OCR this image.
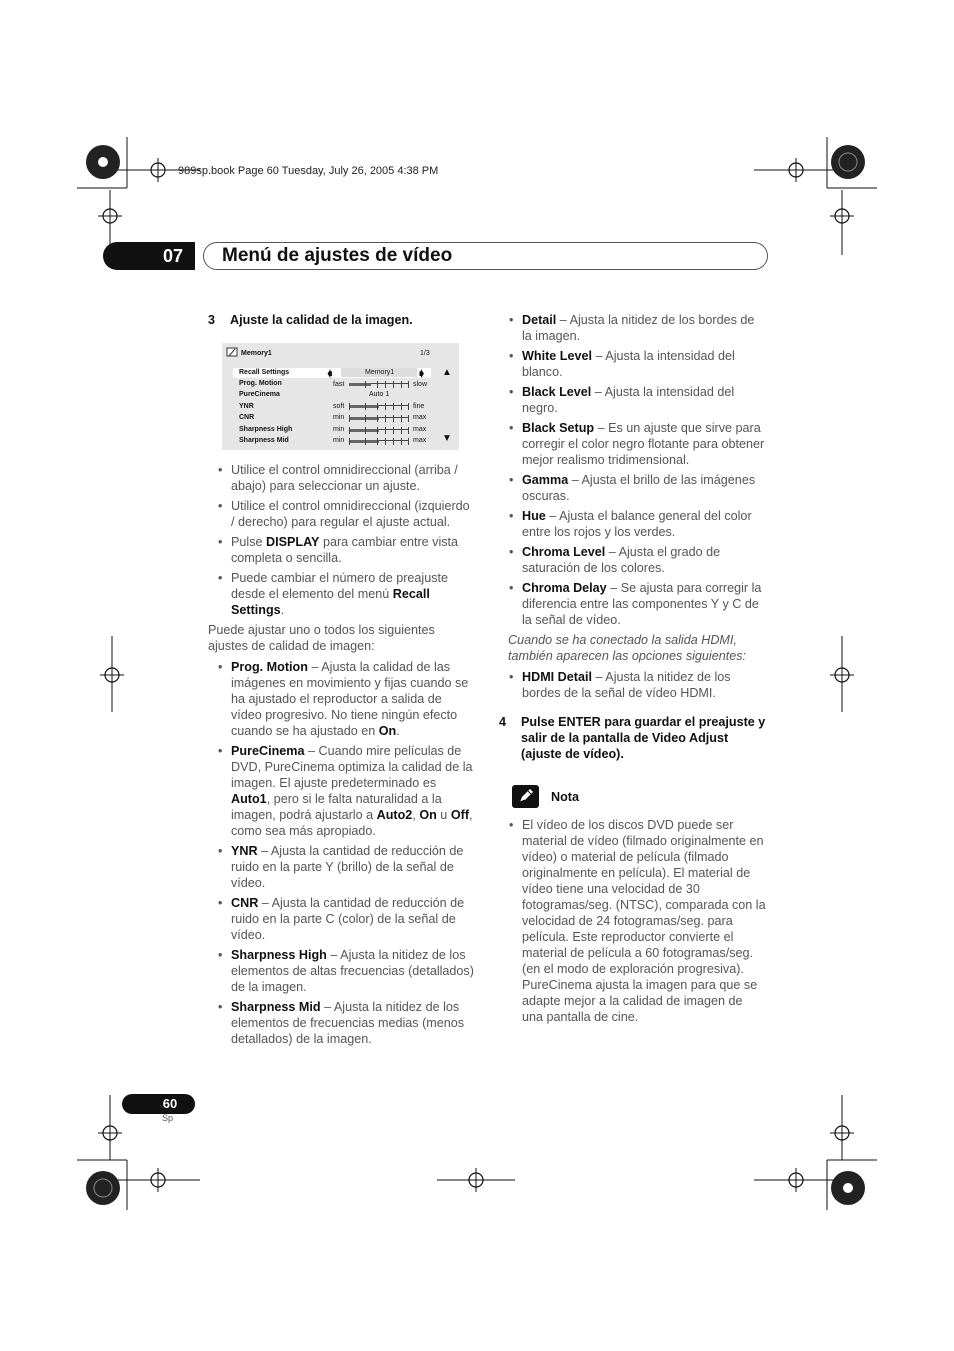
989sp.book Page 60 Tuesday, July 26, 2005 4:38 PM
07	Menú de ajustes de vídeo
3 Ajuste la calidad de la imagen.
Memory1	1/3
Recall Settings	🡀	Memory1 🡂 ▲
Prog. Motion	fast	slow
PureCinema	Auto 1
YNR	soft	fine
CNR	min	max
Sharpness High	min	max
Sharpness Mid	min	max ▼
• Utilice el control omnidireccional (arriba / abajo) para seleccionar un ajuste.
• Utilice el control omnidireccional (izquierdo / derecho) para regular el ajuste actual.
• Pulse DISPLAY para cambiar entre vista completa o sencilla.
• Puede cambiar el número de preajuste desde el elemento del menú Recall Settings.

Puede ajustar uno o todos los siguientes ajustes de calidad de imagen:

• Prog. Motion – Ajusta la calidad de las imágenes en movimiento y fijas cuando se ha ajustado el reproductor a salida de vídeo progresivo. No tiene ningún efecto cuando se ha ajustado en On.
• PureCinema – Cuando mire películas de DVD, PureCinema optimiza la calidad de la imagen. El ajuste predeterminado es Auto1, pero si le falta naturalidad a la imagen, podrá ajustarlo a Auto2, On u Off, como sea más apropiado.
• YNR – Ajusta la cantidad de reducción de ruido en la parte Y (brillo) de la señal de vídeo.
• CNR – Ajusta la cantidad de reducción de ruido en la parte C (color) de la señal de vídeo.
• Sharpness High – Ajusta la nitidez de los elementos de altas frecuencias (detallados) de la imagen.
• Sharpness Mid – Ajusta la nitidez de los elementos de frecuencias medias (menos detallados) de la imagen.
• Detail – Ajusta la nitidez de los bordes de la imagen.
• White Level – Ajusta la intensidad del blanco.
• Black Level – Ajusta la intensidad del negro.
• Black Setup – Es un ajuste que sirve para corregir el color negro flotante para obtener mejor realismo tridimensional.
• Gamma – Ajusta el brillo de las imágenes oscuras.
• Hue – Ajusta el balance general del color entre los rojos y los verdes.
• Chroma Level – Ajusta el grado de saturación de los colores.
• Chroma Delay – Se ajusta para corregir la diferencia entre las componentes Y y C de la señal de vídeo.

Cuando se ha conectado la salida HDMI, también aparecen las opciones siguientes:

• HDMI Detail – Ajusta la nitidez de los bordes de la señal de vídeo HDMI.

4 Pulse ENTER para guardar el preajuste y salir de la pantalla de Video Adjust (ajuste de vídeo).

Nota
• El vídeo de los discos DVD puede ser material de vídeo (filmado originalmente en vídeo) o material de película (filmado originalmente en película). El material de vídeo tiene una velocidad de 30 fotogramas/seg. (NTSC), comparada con la velocidad de 24 fotogramas/seg. para película. Este reproductor convierte el material de película a 60 fotogramas/seg. (en el modo de exploración progresiva). PureCinema ajusta la imagen para que se adapte mejor a la calidad de imagen de una pantalla de cine.
60
Sp
